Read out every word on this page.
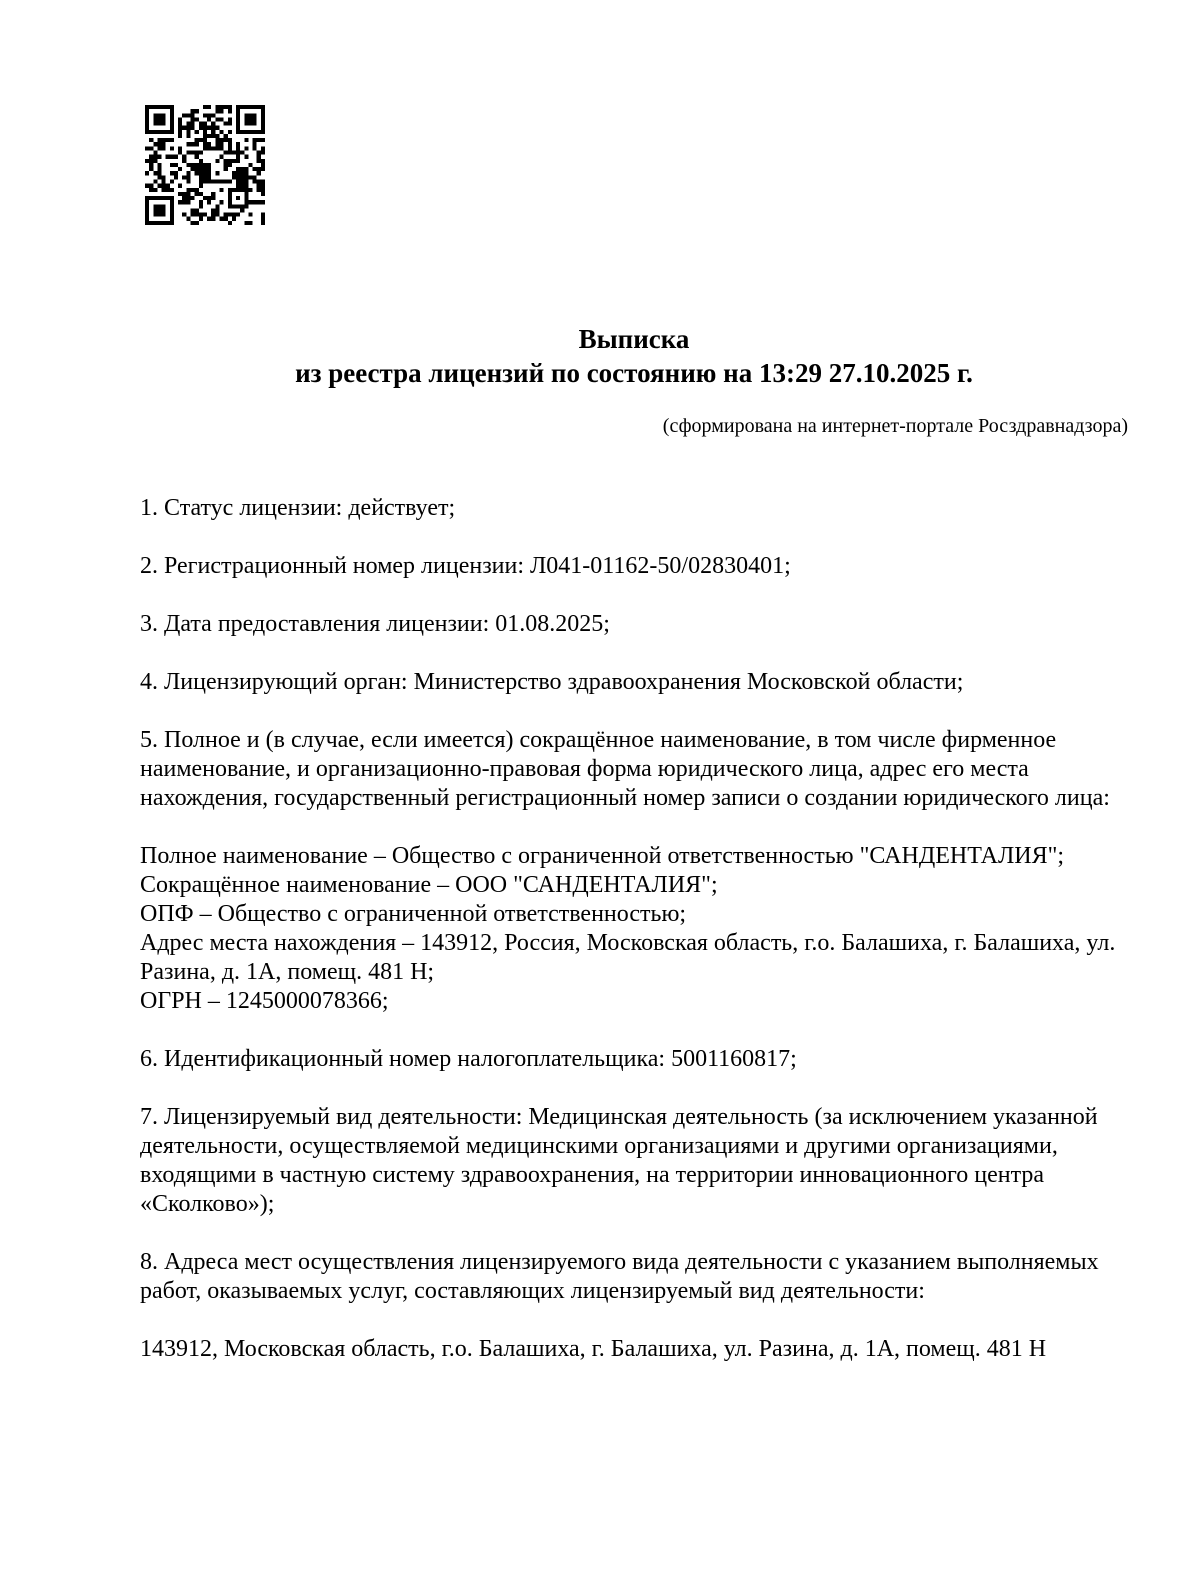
Выписка
из реестра лицензий по состоянию на 13:29 27.10.2025 г.
(сформирована на интернет-портале Росздравнадзора)

1. Статус лицензии: действует;

2. Регистрационный номер лицензии: Л041-01162-50/02830401;

3. Дата предоставления лицензии: 01.08.2025;

4. Лицензирующий орган: Министерство здравоохранения Московской области;

5. Полное и (в случае, если имеется) сокращённое наименование, в том числе фирменное наименование, и организационно-правовая форма юридического лица, адрес его места нахождения, государственный регистрационный номер записи о создании юридического лица:

Полное наименование – Общество с ограниченной ответственностью "САНДЕНТАЛИЯ";
Сокращённое наименование – ООО "САНДЕНТАЛИЯ";
ОПФ – Общество с ограниченной ответственностью;
Адрес места нахождения – 143912, Россия, Московская область, г.о. Балашиха, г. Балашиха, ул. Разина, д. 1А, помещ. 481 Н;
ОГРН – 1245000078366;

6. Идентификационный номер налогоплательщика: 5001160817;

7. Лицензируемый вид деятельности: Медицинская деятельность (за исключением указанной деятельности, осуществляемой медицинскими организациями и другими организациями, входящими в частную систему здравоохранения, на территории инновационного центра «Сколково»);

8. Адреса мест осуществления лицензируемого вида деятельности с указанием выполняемых работ, оказываемых услуг, составляющих лицензируемый вид деятельности:

143912, Московская область, г.о. Балашиха, г. Балашиха, ул. Разина, д. 1А, помещ. 481 Н
